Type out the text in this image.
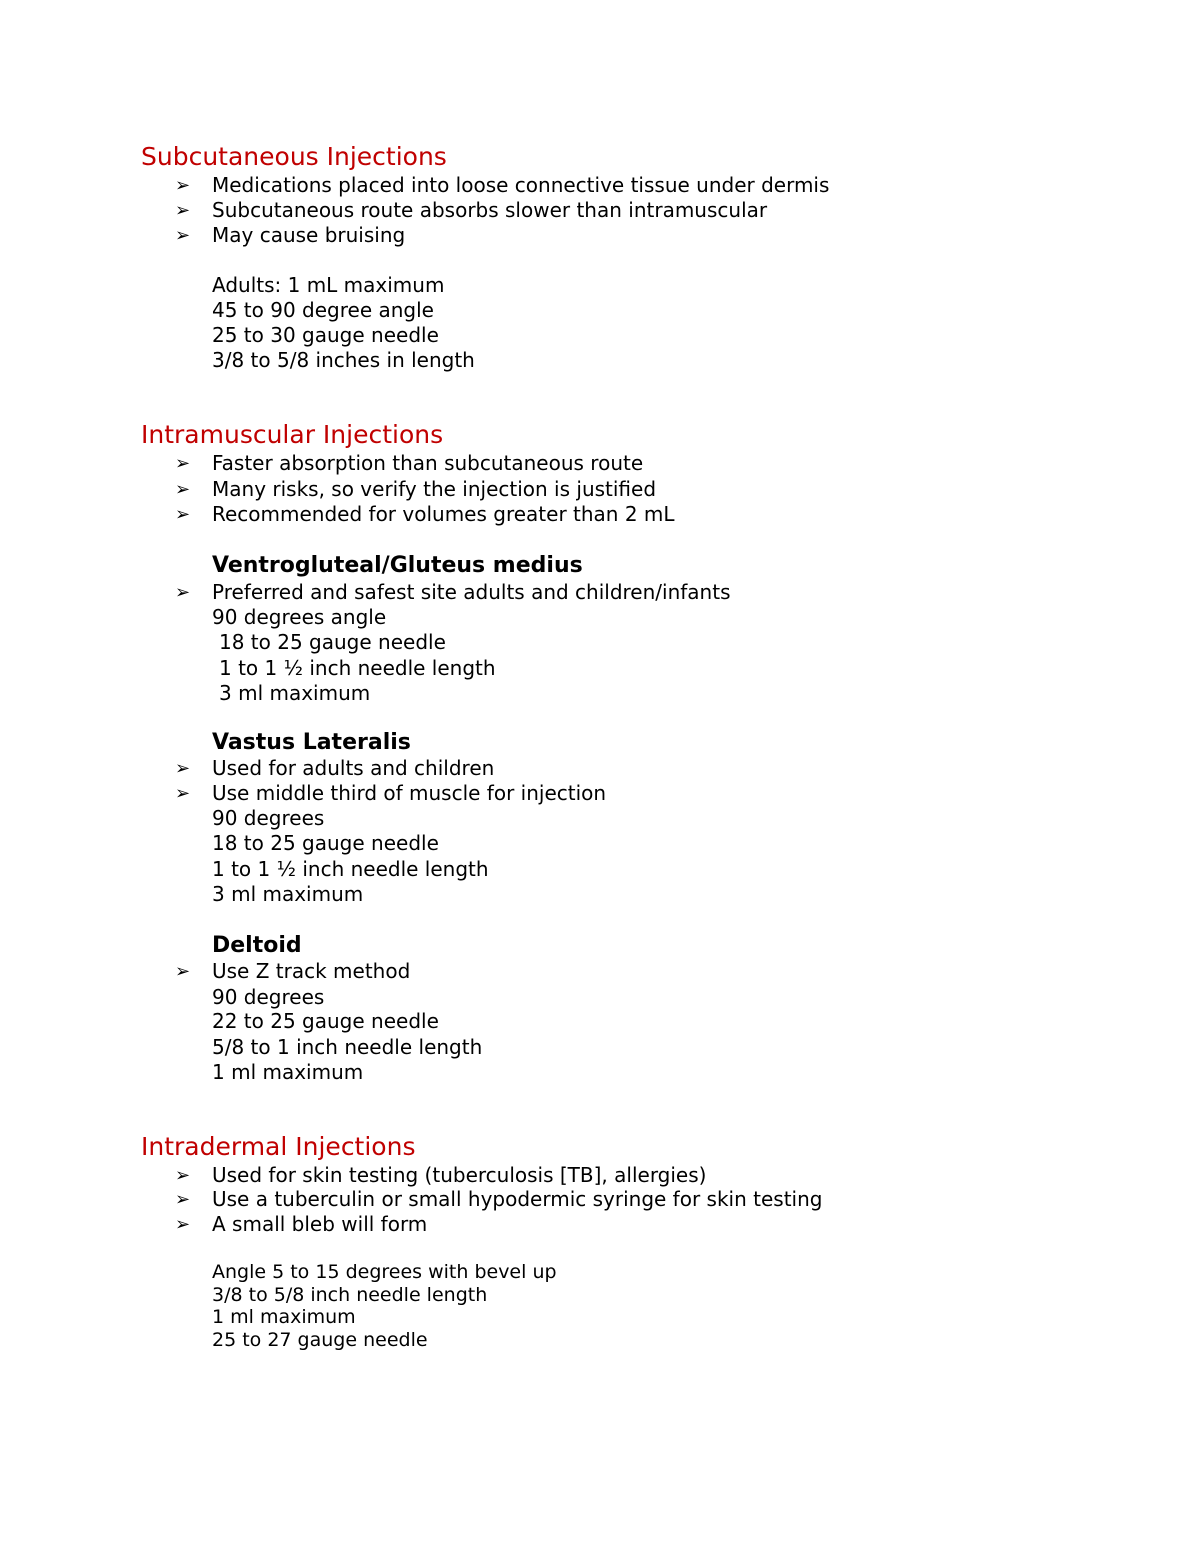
Subcutaneous Injections
➢ Medications placed into loose connective tissue under dermis
➢ Subcutaneous route absorbs slower than intramuscular
➢ May cause bruising
Adults: 1 mL maximum
45 to 90 degree angle
25 to 30 gauge needle
3/8 to 5/8 inches in length
Intramuscular Injections
➢ Faster absorption than subcutaneous route
➢ Many risks, so verify the injection is justified
➢ Recommended for volumes greater than 2 mL
Ventrogluteal/Gluteus medius
➢ Preferred and safest site adults and children/infants
90 degrees angle
18 to 25 gauge needle
1 to 1 ½ inch needle length
3 ml maximum
Vastus Lateralis
➢ Used for adults and children
➢ Use middle third of muscle for injection
90 degrees
18 to 25 gauge needle
1 to 1 ½ inch needle length
3 ml maximum
Deltoid
➢ Use Z track method
90 degrees
22 to 25 gauge needle
5/8 to 1 inch needle length
1 ml maximum
Intradermal Injections
➢ Used for skin testing (tuberculosis [TB], allergies)
➢ Use a tuberculin or small hypodermic syringe for skin testing
➢ A small bleb will form
Angle 5 to 15 degrees with bevel up
3/8 to 5/8 inch needle length
1 ml maximum
25 to 27 gauge needle
